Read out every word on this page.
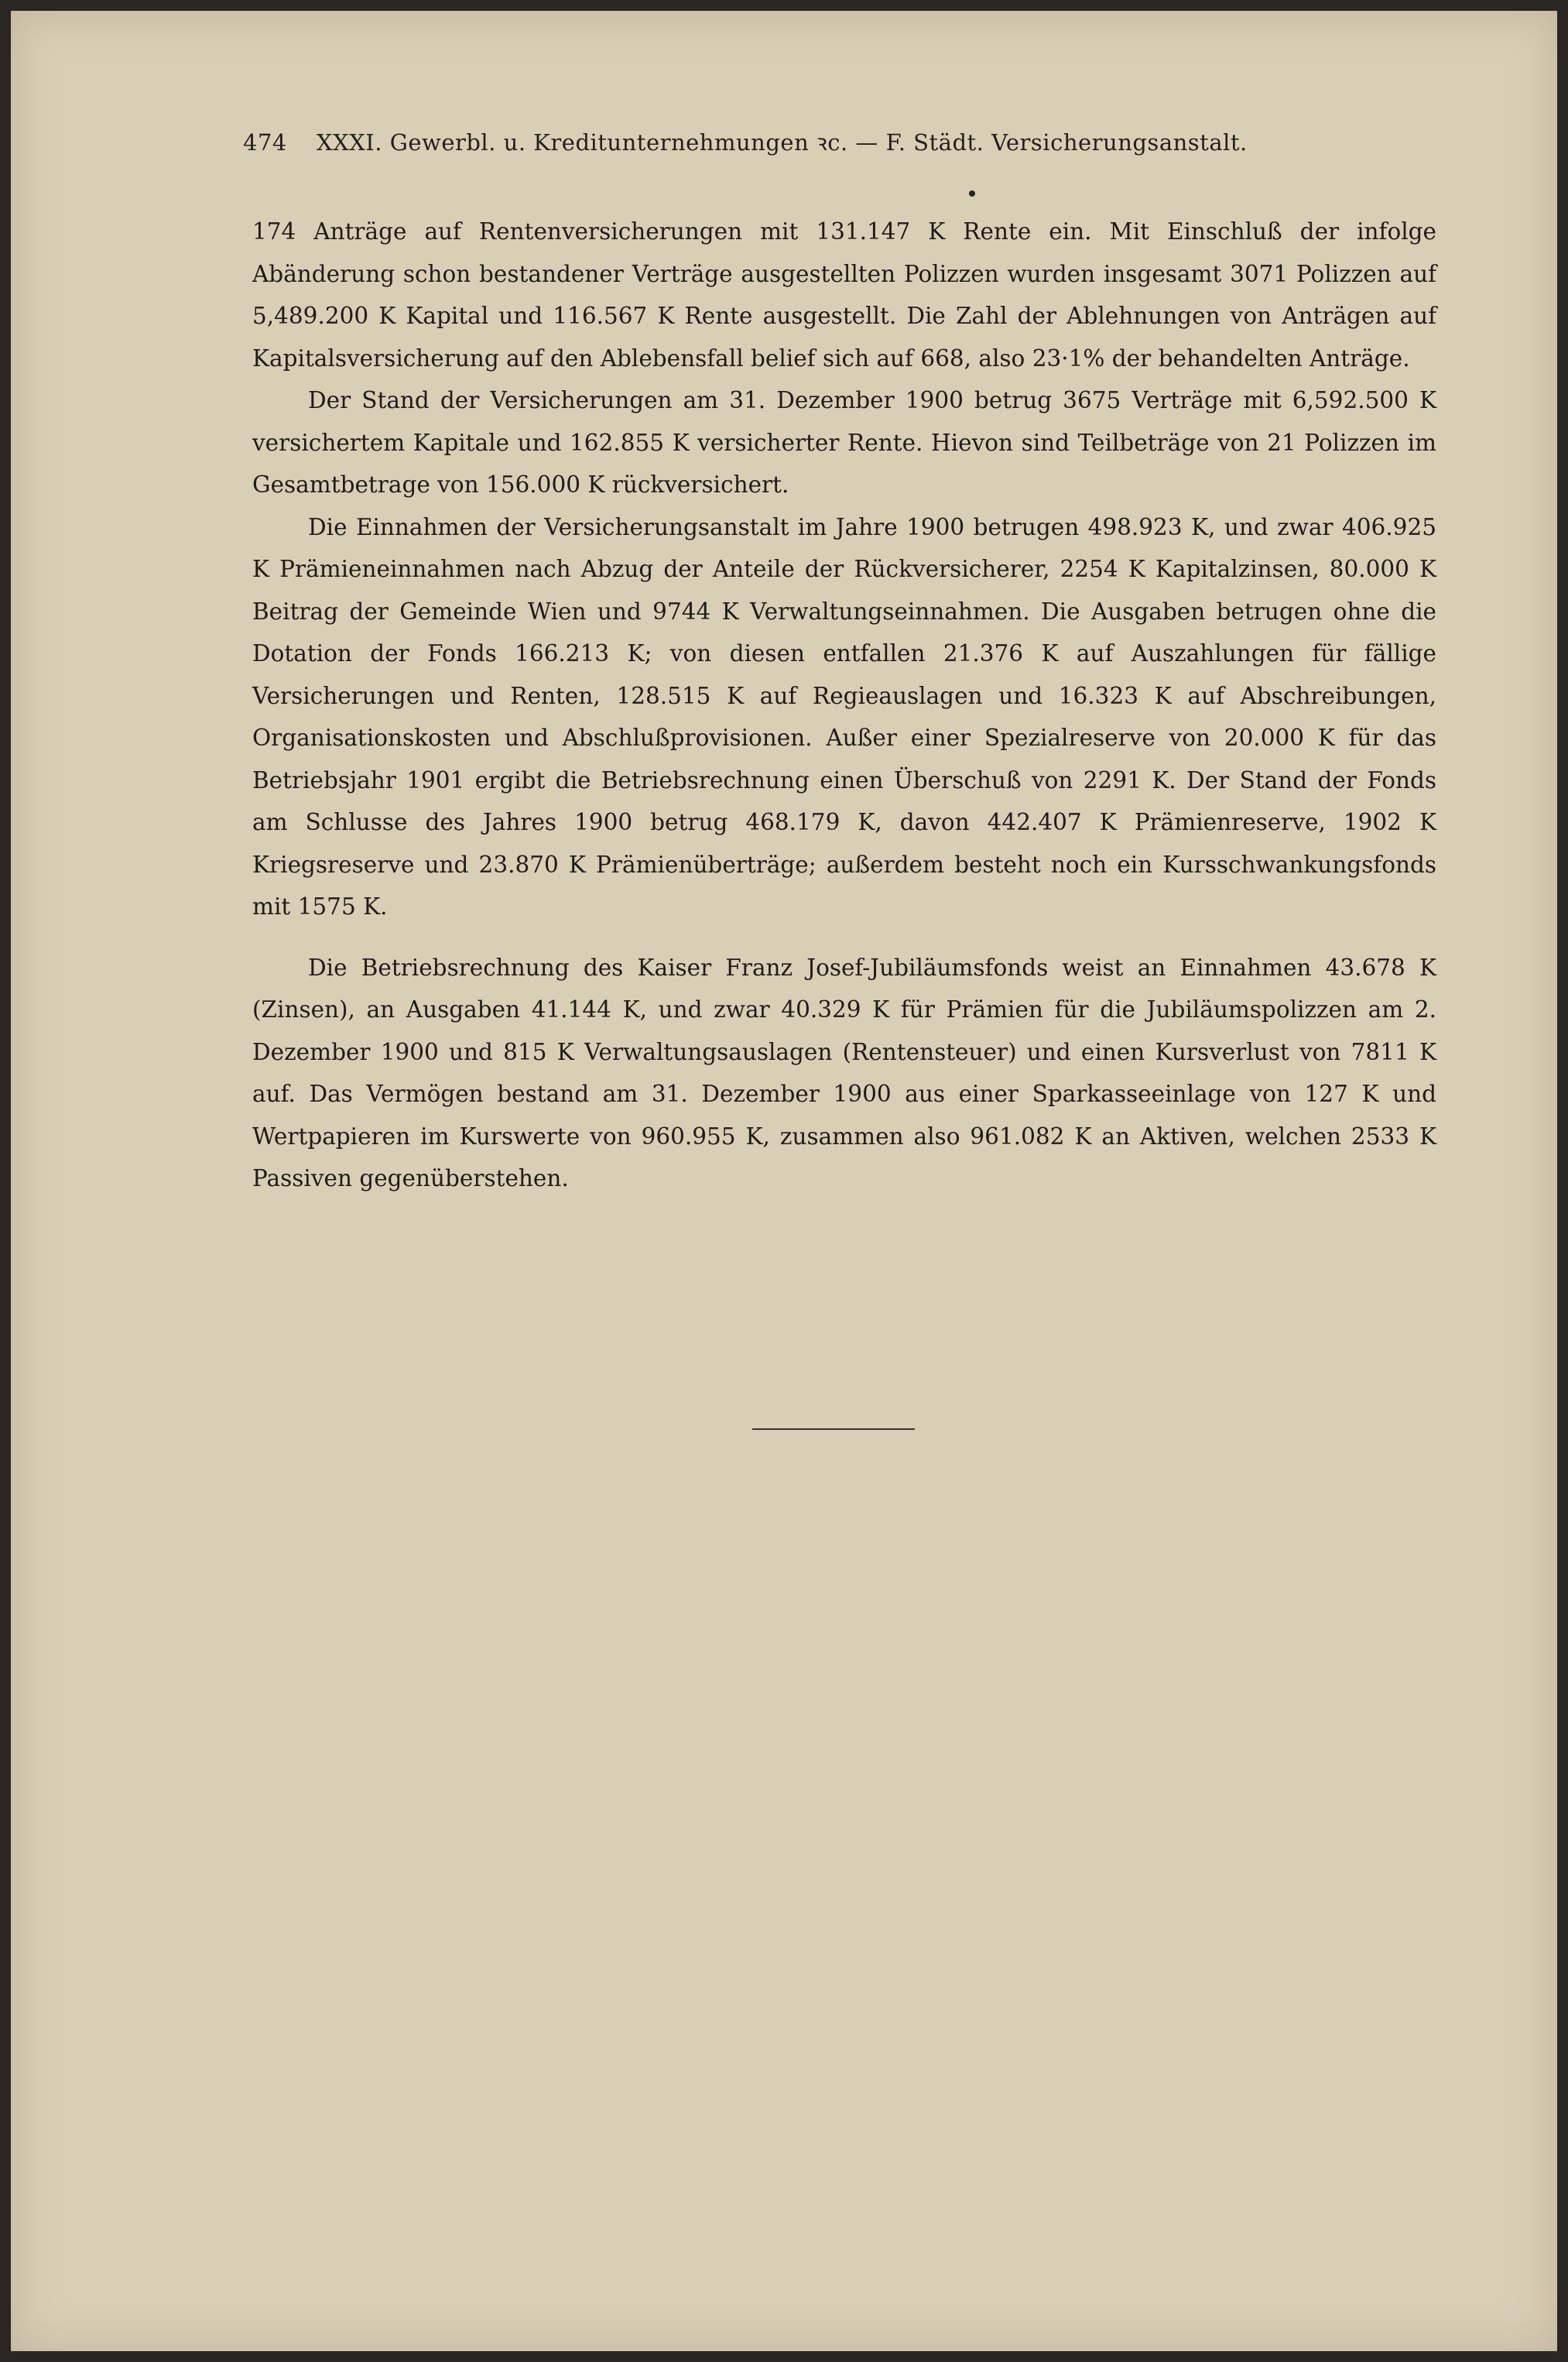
474 XXXI. Gewerbl. u. Kreditunternehmungen ꝛc. — F. Städt. Versicherungsanstalt.

174 Anträge auf Rentenversicherungen mit 131.147 K Rente ein. Mit Einschluß der infolge Abänderung schon bestandener Verträge ausgestellten Polizzen wurden insgesamt 3071 Polizzen auf 5,489.200 K Kapital und 116.567 K Rente ausgestellt. Die Zahl der Ablehnungen von Anträgen auf Kapitalsversicherung auf den Ablebensfall belief sich auf 668, also 23·1% der behandelten Anträge.

Der Stand der Versicherungen am 31. Dezember 1900 betrug 3675 Verträge mit 6,592.500 K versichertem Kapitale und 162.855 K versicherter Rente. Hievon sind Teilbeträge von 21 Polizzen im Gesamtbetrage von 156.000 K rückversichert.

Die Einnahmen der Versicherungsanstalt im Jahre 1900 betrugen 498.923 K, und zwar 406.925 K Prämieneinnahmen nach Abzug der Anteile der Rückversicherer, 2254 K Kapitalzinsen, 80.000 K Beitrag der Gemeinde Wien und 9744 K Verwaltungseinnahmen. Die Ausgaben betrugen ohne die Dotation der Fonds 166.213 K; von diesen entfallen 21.376 K auf Auszahlungen für fällige Versicherungen und Renten, 128.515 K auf Regieauslagen und 16.323 K auf Abschreibungen, Organisationskosten und Abschlußprovisionen. Außer einer Spezialreserve von 20.000 K für das Betriebsjahr 1901 ergibt die Betriebsrechnung einen Überschuß von 2291 K. Der Stand der Fonds am Schlusse des Jahres 1900 betrug 468.179 K, davon 442.407 K Prämienreserve, 1902 K Kriegsreserve und 23.870 K Prämienüberträge; außerdem besteht noch ein Kursschwankungsfonds mit 1575 K.

Die Betriebsrechnung des Kaiser Franz Josef-Jubiläumsfonds weist an Einnahmen 43.678 K (Zinsen), an Ausgaben 41.144 K, und zwar 40.329 K für Prämien für die Jubiläumspolizzen am 2. Dezember 1900 und 815 K Verwaltungsauslagen (Rentensteuer) und einen Kursverlust von 7811 K auf. Das Vermögen bestand am 31. Dezember 1900 aus einer Sparkasseeinlage von 127 K und Wertpapieren im Kurswerte von 960.955 K, zusammen also 961.082 K an Aktiven, welchen 2533 K Passiven gegenüberstehen.
